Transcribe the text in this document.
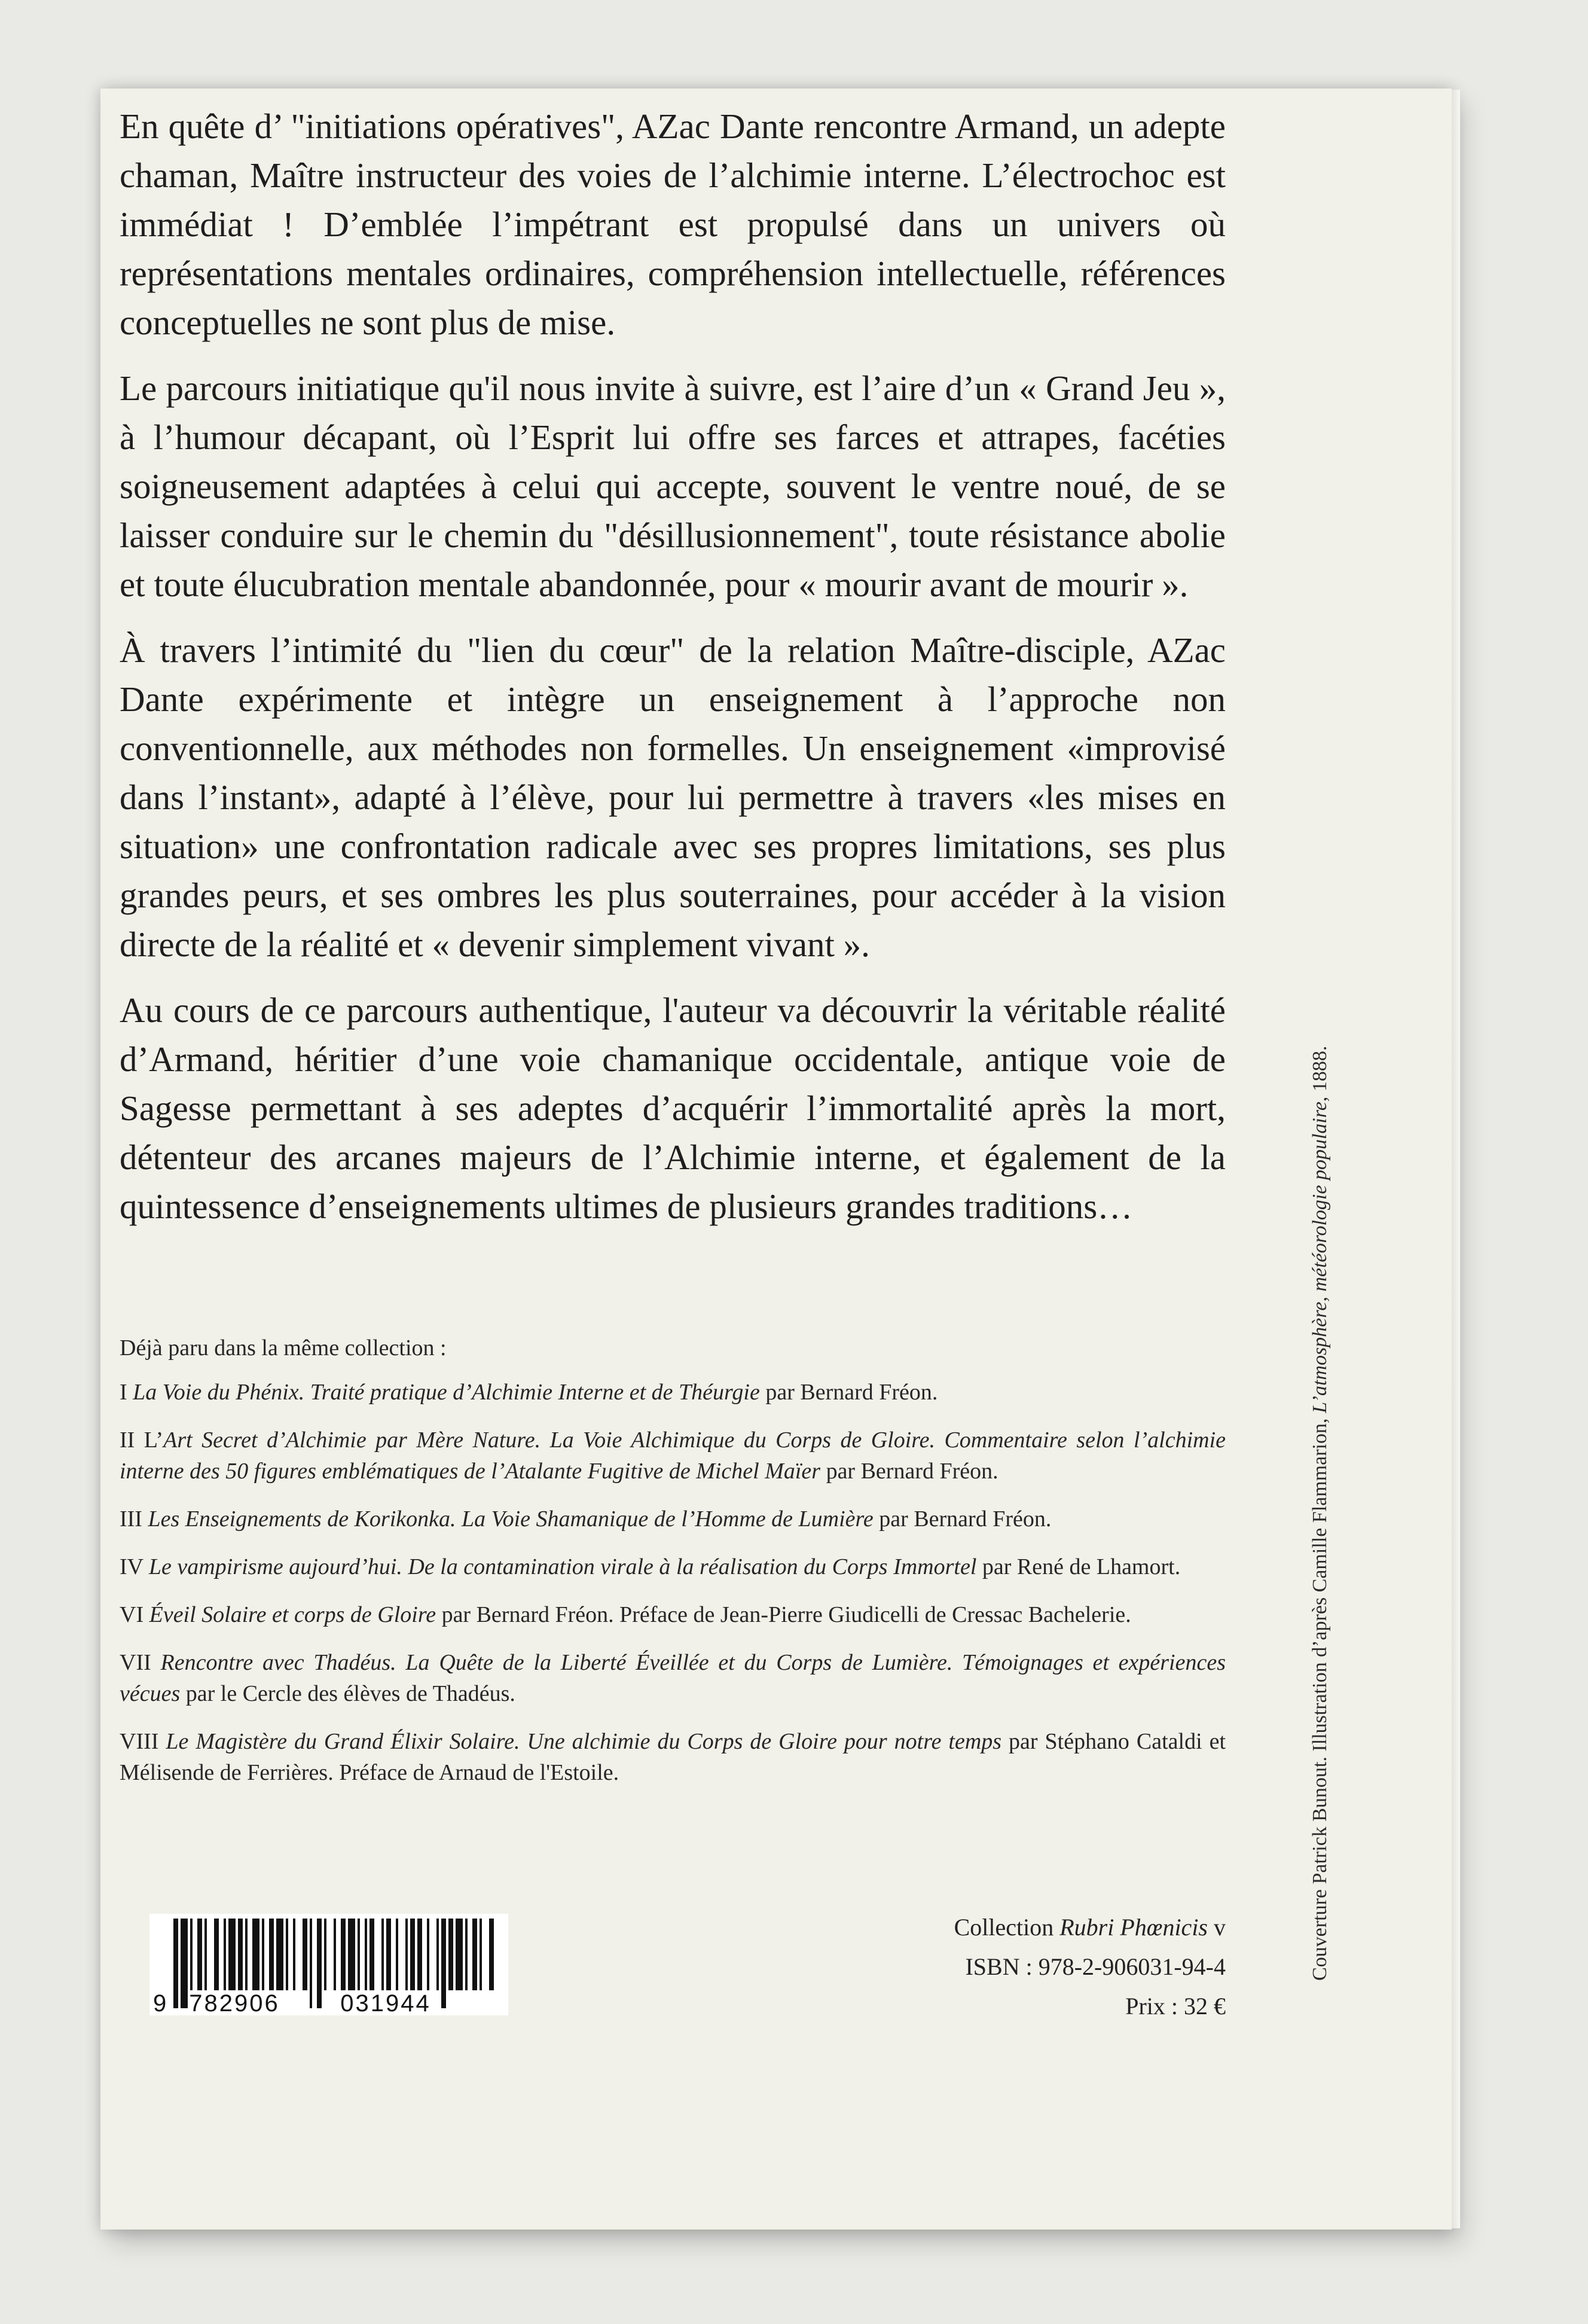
En quête d’ "initiations opératives", AZac Dante rencontre Armand, un adepte chaman, Maître instructeur des voies de l’alchimie interne. L’électrochoc est immédiat ! D’emblée l’impétrant est propulsé dans un univers où représentations mentales ordinaires, compréhension intellectuelle, références conceptuelles ne sont plus de mise.

Le parcours initiatique qu'il nous invite à suivre, est l’aire d’un « Grand Jeu », à l’humour décapant, où l’Esprit lui offre ses farces et attrapes, facéties soigneusement adaptées à celui qui accepte, souvent le ventre noué, de se laisser conduire sur le chemin du "désillusionnement", toute résistance abolie et toute élucubration mentale abandonnée, pour « mourir avant de mourir ».

À travers l’intimité du "lien du cœur" de la relation Maître-disciple, AZac Dante expérimente et intègre un enseignement à l’approche non conventionnelle, aux méthodes non formelles. Un enseignement «improvisé dans l’instant», adapté à l’élève, pour lui permettre à travers «les mises en situation» une confrontation radicale avec ses propres limitations, ses plus grandes peurs, et ses ombres les plus souterraines, pour accéder à la vision directe de la réalité et « devenir simplement vivant ».

Au cours de ce parcours authentique, l'auteur va découvrir la véritable réalité d’Armand, héritier d’une voie chamanique occidentale, antique voie de Sagesse permettant à ses adeptes d’acquérir l’immortalité après la mort, détenteur des arcanes majeurs de l’Alchimie interne, et également de la quintessence d’enseignements ultimes de plusieurs grandes traditions…

Déjà paru dans la même collection :
I La Voie du Phénix. Traité pratique d’Alchimie Interne et de Théurgie par Bernard Fréon.
II L’Art Secret d’Alchimie par Mère Nature. La Voie Alchimique du Corps de Gloire. Commentaire selon l’alchimie interne des 50 figures emblématiques de l’Atalante Fugitive de Michel Maïer par Bernard Fréon.
III Les Enseignements de Korikonka. La Voie Shamanique de l’Homme de Lumière par Bernard Fréon.
IV Le vampirisme aujourd’hui. De la contamination virale à la réalisation du Corps Immortel par René de Lhamort.
VI Éveil Solaire et corps de Gloire par Bernard Fréon. Préface de Jean-Pierre Giudicelli de Cressac Bachelerie.
VII Rencontre avec Thadéus. La Quête de la Liberté Éveillée et du Corps de Lumière. Témoignages et expériences vécues par le Cercle des élèves de Thadéus.
VIII Le Magistère du Grand Élixir Solaire. Une alchimie du Corps de Gloire pour notre temps par Stéphano Cataldi et Mélisende de Ferrières. Préface de Arnaud de l'Estoile.
9 782906	031944
Collection Rubri Phœnicis v
ISBN : 978-2-906031-94-4
Prix : 32 €
Couverture Patrick Bunout. Illustration d’après Camille Flammarion, L’atmosphère, météorologie populaire, 1888.
